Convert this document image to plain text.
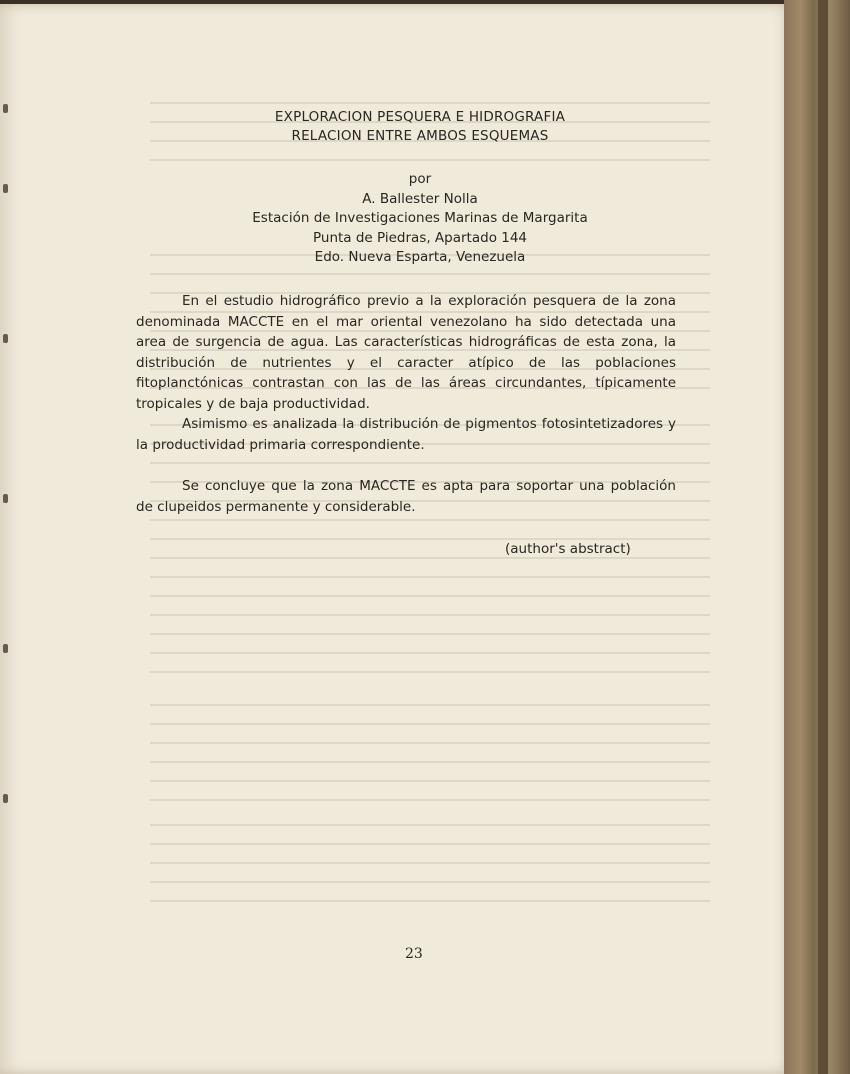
EXPLORACION PESQUERA E HIDROGRAFIA
RELACION ENTRE AMBOS ESQUEMAS
por
A. Ballester Nolla
Estación de Investigaciones Marinas de Margarita
Punta de Piedras, Apartado 144
Edo. Nueva Esparta, Venezuela

En el estudio hidrográfico previo a la exploración pesquera de la zona denominada MACCTE en el mar oriental venezolano ha sido detectada una area de surgencia de agua. Las características hidrográficas de esta zona, la distribución de nutrientes y el caracter atípico de las poblaciones fitoplanctónicas contrastan con las de las áreas circundantes, típicamente tropicales y de baja productividad.

Asimismo es analizada la distribución de pigmentos fotosintetizadores y la productividad primaria correspondiente.

Se concluye que la zona MACCTE es apta para soportar una población de clupeidos permanente y considerable.

(author's abstract)
23
